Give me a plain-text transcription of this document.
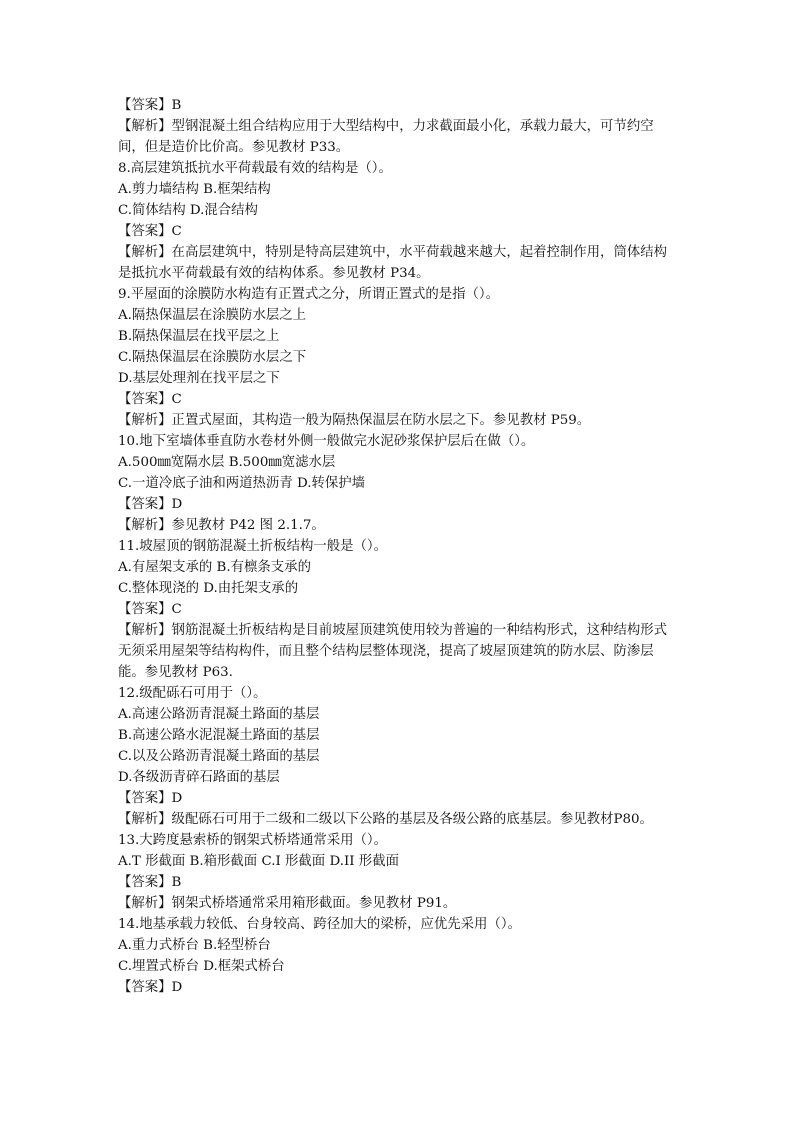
【答案】B
【解析】型钢混凝土组合结构应用于大型结构中，力求截面最小化，承载力最大，可节约空间，但是造价比价高。参见教材 P33。
8.高层建筑抵抗水平荷载最有效的结构是（）。
A.剪力墙结构 B.框架结构
C.简体结构 D.混合结构
【答案】C
【解析】在高层建筑中，特别是特高层建筑中，水平荷载越来越大，起着控制作用，筒体结构是抵抗水平荷载最有效的结构体系。参见教材 P34。
9.平屋面的涂膜防水构造有正置式之分，所谓正置式的是指（）。
A.隔热保温层在涂膜防水层之上
B.隔热保温层在找平层之上
C.隔热保温层在涂膜防水层之下
D.基层处理剂在找平层之下
【答案】C
【解析】正置式屋面，其构造一般为隔热保温层在防水层之下。参见教材 P59。
10.地下室墙体垂直防水卷材外侧一般做完水泥砂浆保护层后在做（）。
A.500㎜宽隔水层 B.500㎜宽滤水层
C.一道冷底子油和两道热沥青 D.转保护墙
【答案】D
【解析】参见教材 P42 图 2.1.7。
11.坡屋顶的钢筋混凝土折板结构一般是（）。
A.有屋架支承的 B.有檩条支承的
C.整体现浇的 D.由托架支承的
【答案】C
【解析】钢筋混凝土折板结构是目前坡屋顶建筑使用较为普遍的一种结构形式，这种结构形式无须采用屋架等结构构件，而且整个结构层整体现浇，提高了坡屋顶建筑的防水层、防渗层能。参见教材 P63.
12.级配砾石可用于（）。
A.高速公路沥青混凝土路面的基层
B.高速公路水泥混凝土路面的基层
C.以及公路沥青混凝土路面的基层
D.各级沥青碎石路面的基层
【答案】D
【解析】级配砾石可用于二级和二级以下公路的基层及各级公路的底基层。参见教材P80。
13.大跨度悬索桥的钢架式桥塔通常采用（）。
A.T 形截面 B.箱形截面 C.I 形截面 D.II 形截面
【答案】B
【解析】钢架式桥塔通常采用箱形截面。参见教材 P91。
14.地基承载力较低、台身较高、跨径加大的梁桥，应优先采用（）。
A.重力式桥台 B.轻型桥台
C.埋置式桥台 D.框架式桥台
【答案】D
